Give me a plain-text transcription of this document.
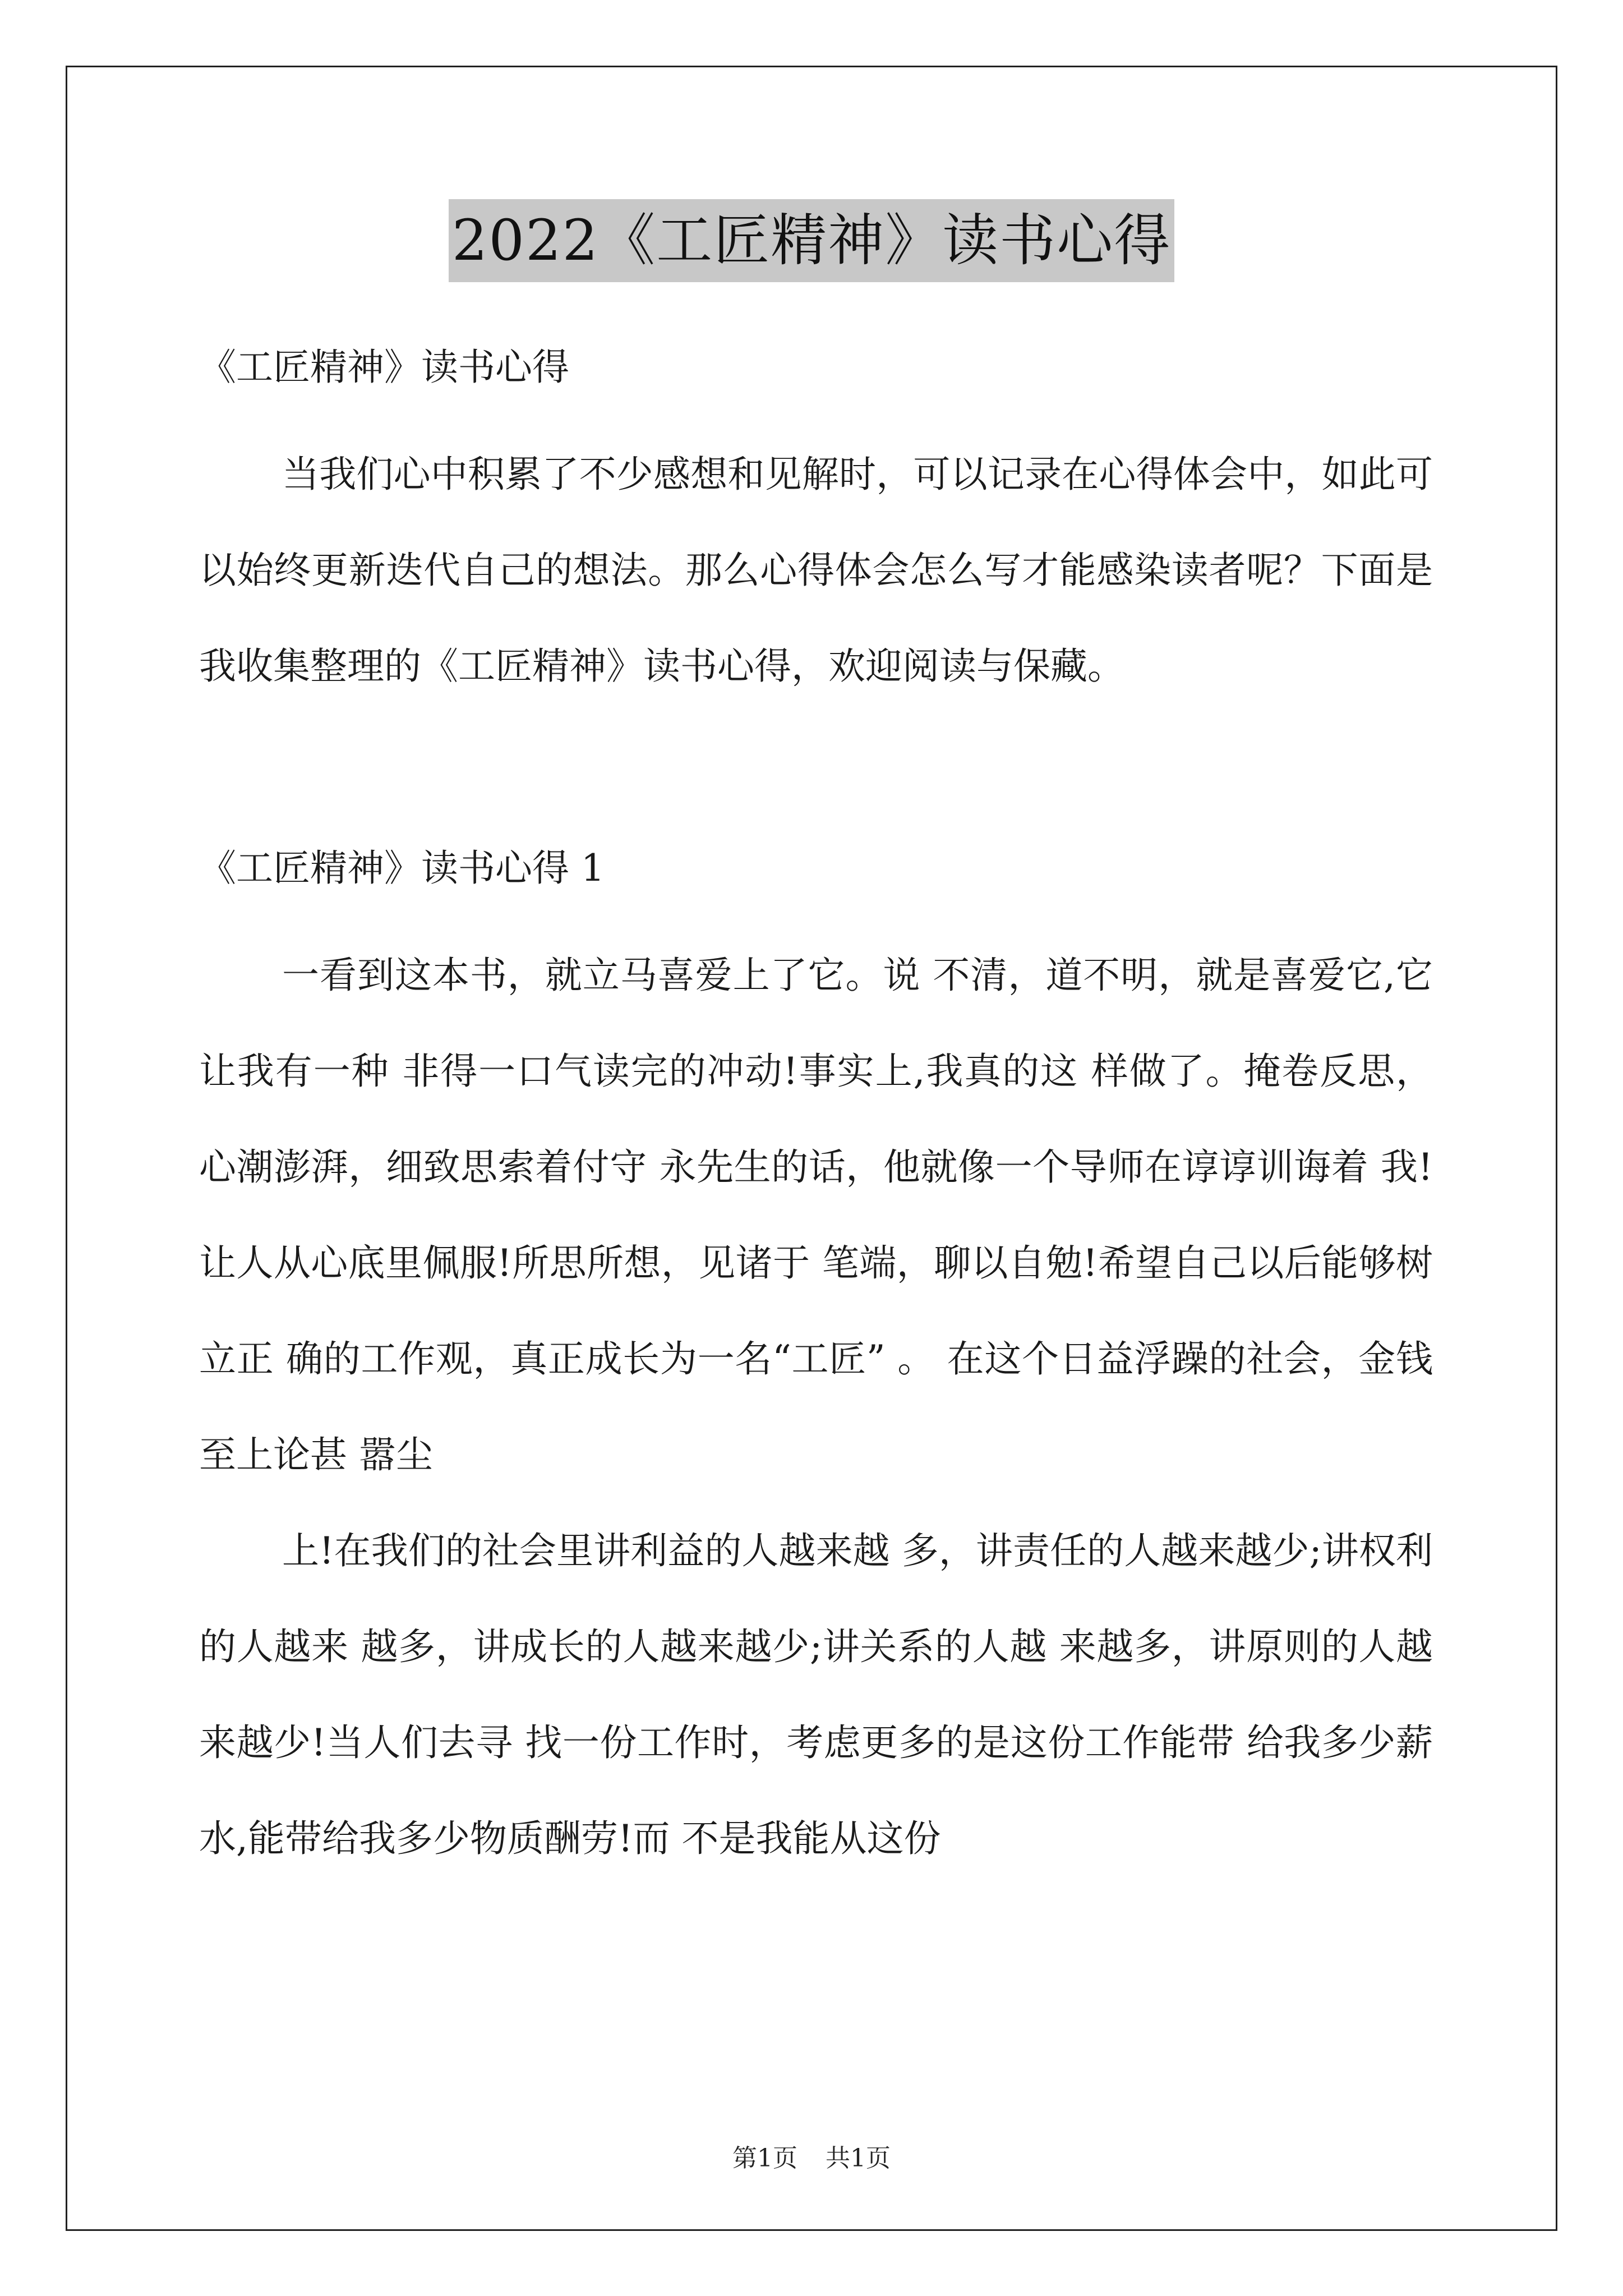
2022《工匠精神》读书心得

《工匠精神》读书心得

当我们心中积累了不少感想和见解时，可以记录在心得体会中，如此可以始终更新迭代自己的想法。那么心得体会怎么写才能感染读者呢？下面是我收集整理的《工匠精神》读书心得，欢迎阅读与保藏。

《工匠精神》读书心得 1

一看到这本书，就立马喜爱上了它。说 不清，道不明，就是喜爱它,它让我有一种 非得一口气读完的冲动!事实上,我真的这 样做了。掩卷反思，心潮澎湃，细致思索着付守 永先生的话，他就像一个导师在谆谆训诲着 我!让人从心底里佩服!所思所想，见诸于 笔端，聊以自勉!希望自己以后能够树立正 确的工作观，真正成长为一名“工匠” 。 在这个日益浮躁的社会，金钱至上论甚 嚣尘

上!在我们的社会里讲利益的人越来越 多，讲责任的人越来越少;讲权利的人越来 越多，讲成长的人越来越少;讲关系的人越 来越多，讲原则的人越来越少!当人们去寻 找一份工作时，考虑更多的是这份工作能带 给我多少薪水,能带给我多少物质酬劳!而 不是我能从这份

第1页 共1页
